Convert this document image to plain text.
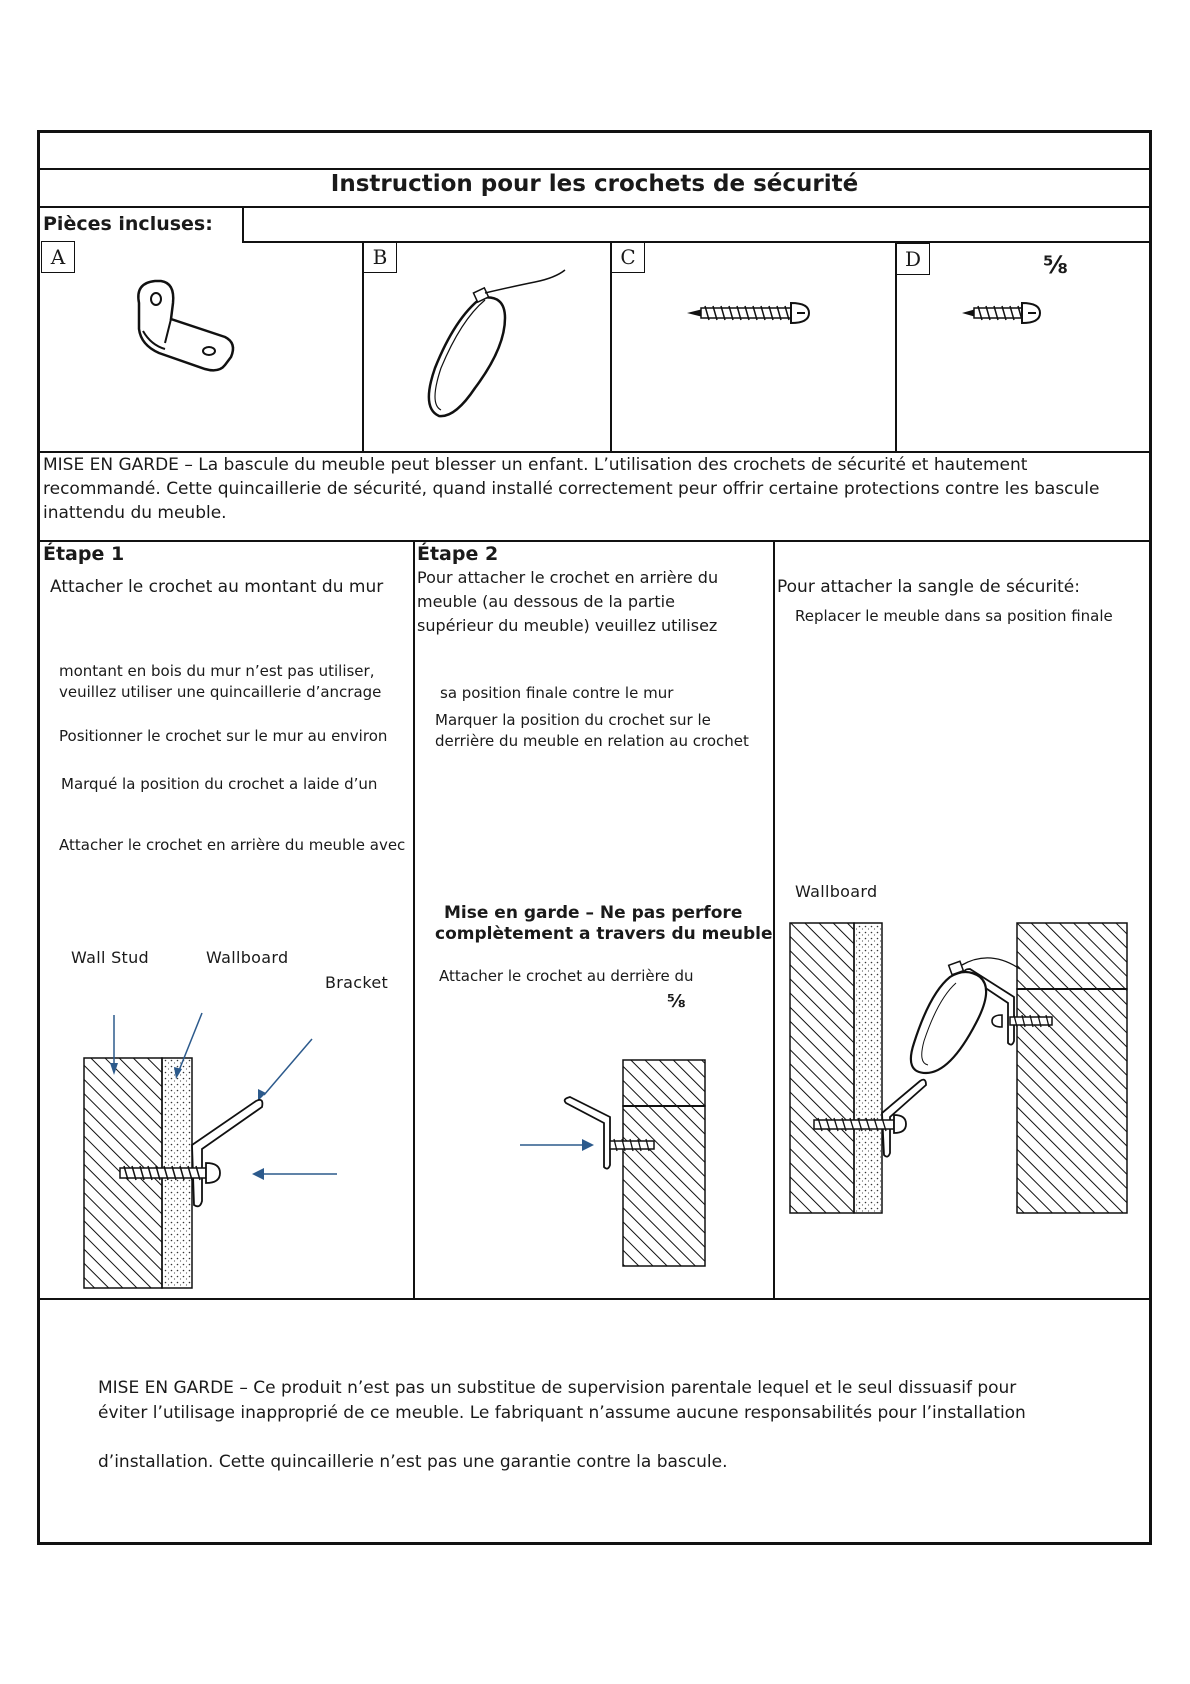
Instruction pour les crochets de sécurité
Pièces incluses:
A	B	C	D	⅝
MISE EN GARDE – La bascule du meuble peut blesser un enfant. L’utilisation des crochets de sécurité et hautement
recommandé. Cette quincaillerie de sécurité, quand installé correctement peur offrir certaine protections contre les bascule
inattendu du meuble.
Étape 1
Attacher le crochet au montant du mur
montant en bois du mur n’est pas utiliser,
veuillez utiliser une quincaillerie d’ancrage
Positionner le crochet sur le mur au environ
Marqué la position du crochet a laide d’un
Attacher le crochet en arrière du meuble avec
Wall Stud	Wallboard
Bracket
Étape 2
Pour attacher le crochet en arrière du
meuble (au dessous de la partie
supérieur du meuble) veuillez utilisez
sa position finale contre le mur
Marquer la position du crochet sur le
derrière du meuble en relation au crochet
Mise en garde – Ne pas perfore
complètement a travers du meuble
Attacher le crochet au derrière du
⅝
Pour attacher la sangle de sécurité:
Replacer le meuble dans sa position finale
Wallboard
MISE EN GARDE – Ce produit n’est pas un substitue de supervision parentale lequel et le seul dissuasif pour
éviter l’utilisage inapproprié de ce meuble. Le fabriquant n’assume aucune responsabilités pour l’installation
d’installation. Cette quincaillerie n’est pas une garantie contre la bascule.
